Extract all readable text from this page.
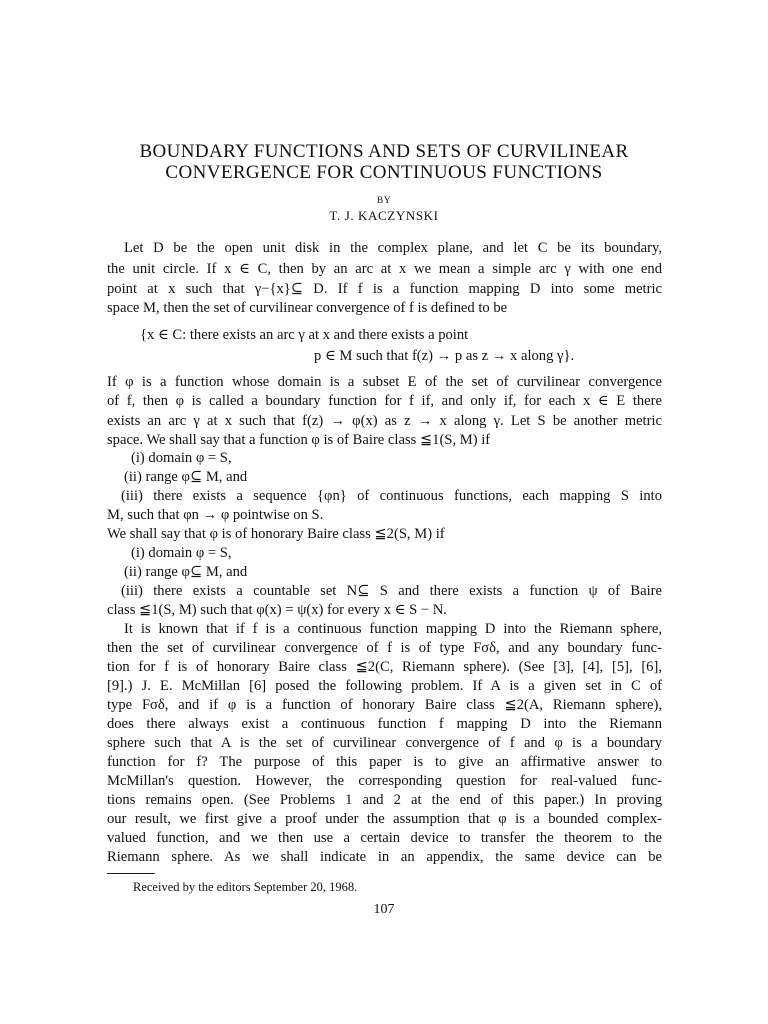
BOUNDARY FUNCTIONS AND SETS OF CURVILINEAR
CONVERGENCE FOR CONTINUOUS FUNCTIONS
BY
T. J. KACZYNSKI
Let D be the open unit disk in the complex plane, and let C be its boundary,
the unit circle. If x ∈ C, then by an arc at x we mean a simple arc γ with one end
point at x such that γ−{x}⊆ D. If f is a function mapping D into some metric
space M, then the set of curvilinear convergence of f is defined to be
{x ∈ C: there exists an arc γ at x and there exists a point
p ∈ M such that f(z) → p as z → x along γ}.
If φ is a function whose domain is a subset E of the set of curvilinear convergence
of f, then φ is called a boundary function for f if, and only if, for each x ∈ E there
exists an arc γ at x such that f(z) → φ(x) as z → x along γ. Let S be another metric
space. We shall say that a function φ is of Baire class ≦1(S, M) if
(i) domain φ = S,
(ii) range φ⊆ M, and
(iii) there exists a sequence {φn} of continuous functions, each mapping S into
M, such that φn → φ pointwise on S.
We shall say that φ is of honorary Baire class ≦2(S, M) if
(i) domain φ = S,
(ii) range φ⊆ M, and
(iii) there exists a countable set N⊆ S and there exists a function ψ of Baire
class ≦1(S, M) such that φ(x) = ψ(x) for every x ∈ S − N.
It is known that if f is a continuous function mapping D into the Riemann sphere,
then the set of curvilinear convergence of f is of type Fσδ, and any boundary func-
tion for f is of honorary Baire class ≦2(C, Riemann sphere). (See [3], [4], [5], [6],
[9].) J. E. McMillan [6] posed the following problem. If A is a given set in C of
type Fσδ, and if φ is a function of honorary Baire class ≦2(A, Riemann sphere),
does there always exist a continuous function f mapping D into the Riemann
sphere such that A is the set of curvilinear convergence of f and φ is a boundary
function for f? The purpose of this paper is to give an affirmative answer to
McMillan's question. However, the corresponding question for real-valued func-
tions remains open. (See Problems 1 and 2 at the end of this paper.) In proving
our result, we first give a proof under the assumption that φ is a bounded complex-
valued function, and we then use a certain device to transfer the theorem to the
Riemann sphere. As we shall indicate in an appendix, the same device can be
Received by the editors September 20, 1968.
107
